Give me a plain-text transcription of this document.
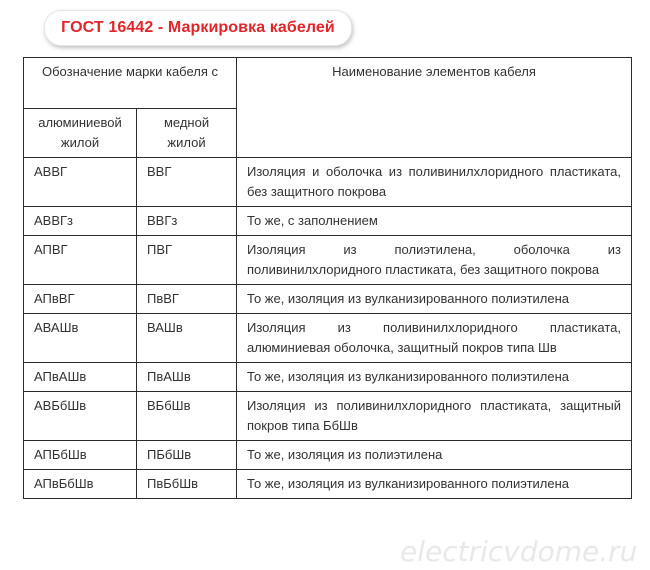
ГОСТ 16442 - Маркировка кабелей
Обозначение марки кабеля с		Наименование элементов кабеля
алюминиевой жилой	медной жилой	
АВВГ	ВВГ	Изоляция и оболочка из поливинилхлоридного пластиката, без защитного покрова
АВВГз	ВВГз	То же, с заполнением
АПВГ	ПВГ	Изоляция из полиэтилена, оболочка из поливинилхлоридного пластиката, без защитного покрова
АПвВГ	ПвВГ	То же, изоляция из вулканизированного полиэтилена
АВАШв	ВАШв	Изоляция из поливинилхлоридного пластиката, алюминиевая оболочка, защитный покров типа Шв
АПвАШв	ПвАШв	То же, изоляция из вулканизированного полиэтилена
АВБбШв	ВБбШв	Изоляция из поливинилхлоридного пластиката, защитный покров типа БбШв
АПБбШв	ПБбШв	То же, изоляция из полиэтилена
АПвБбШв	ПвБбШв	То же, изоляция из вулканизированного полиэтилена
electricvdome.ru
